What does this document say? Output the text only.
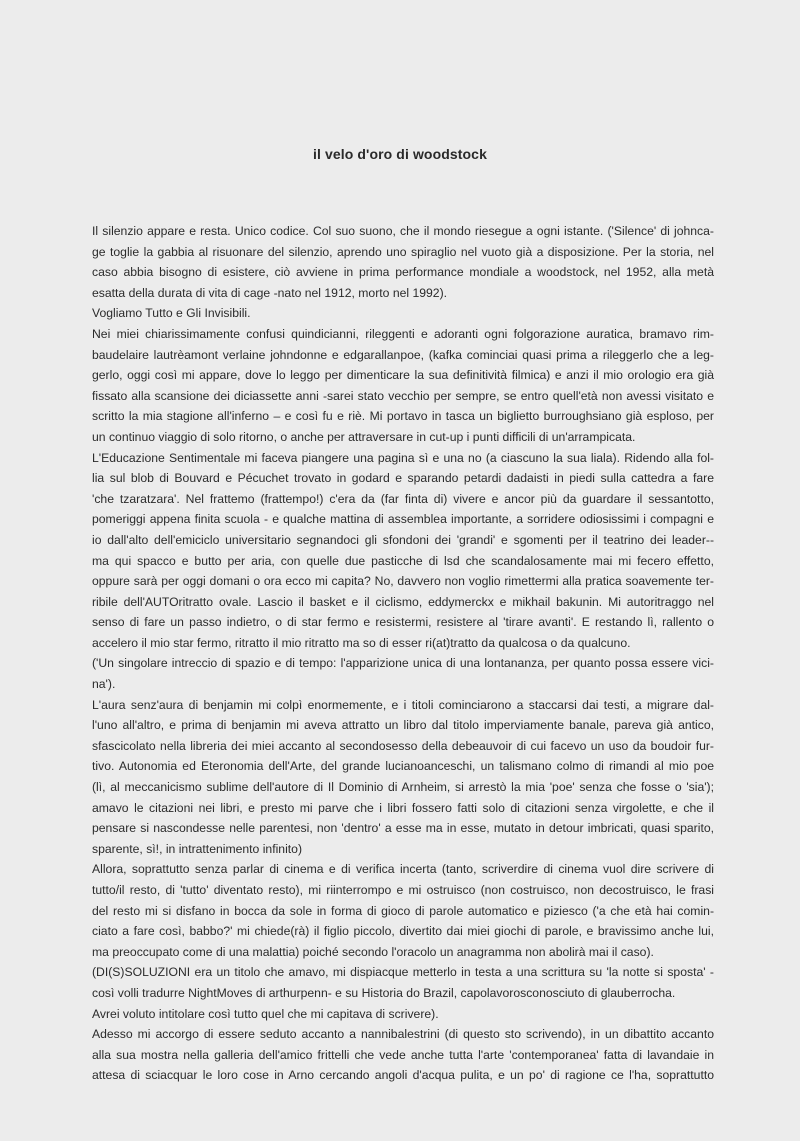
il velo d'oro di woodstock
Il silenzio appare e resta. Unico codice. Col suo suono, che il mondo riesegue a ogni istante. ('Silence' di johnca-
ge toglie la gabbia al risuonare del silenzio, aprendo uno spiraglio nel vuoto già a disposizione. Per la storia, nel
caso abbia bisogno di esistere, ciò avviene in prima performance mondiale a woodstock, nel 1952, alla metà
esatta della durata di vita di cage -nato nel 1912, morto nel 1992).
Vogliamo Tutto e Gli Invisibili.
Nei miei chiarissimamente confusi quindicianni, rileggenti e adoranti ogni folgorazione auratica, bramavo rim-
baudelaire lautrèamont verlaine johndonne e edgarallanpoe, (kafka cominciai quasi prima a rileggerlo che a leg-
gerlo, oggi così mi appare, dove lo leggo per dimenticare la sua definitività filmica) e anzi il mio orologio era già
fissato alla scansione dei diciassette anni -sarei stato vecchio per sempre, se entro quell'età non avessi visitato e
scritto la mia stagione all'inferno – e così fu e riè. Mi portavo in tasca un biglietto burroughsiano già esploso, per
un continuo viaggio di solo ritorno, o anche per attraversare in cut-up i punti difficili di un'arrampicata.
L'Educazione Sentimentale mi faceva piangere una pagina sì e una no (a ciascuno la sua liala). Ridendo alla fol-
lia sul blob di Bouvard e Pécuchet trovato in godard e sparando petardi dadaisti in piedi sulla cattedra a fare
'che tzaratzara'. Nel frattemo (frattempo!) c'era da (far finta di) vivere e ancor più da guardare il sessantotto,
pomeriggi appena finita scuola - e qualche mattina di assemblea importante, a sorridere odiosissimi i compagni e
io dall'alto dell'emiciclo universitario segnandoci gli sfondoni dei 'grandi' e sgomenti per il teatrino dei leader--
ma qui spacco e butto per aria, con quelle due pasticche di lsd che scandalosamente mai mi fecero effetto,
oppure sarà per oggi domani o ora ecco mi capita? No, davvero non voglio rimettermi alla pratica soavemente ter-
ribile dell'AUTOritratto ovale. Lascio il basket e il ciclismo, eddymerckx e mikhail bakunin. Mi autoritraggo nel
senso di fare un passo indietro, o di star fermo e resistermi, resistere al 'tirare avanti'. E restando lì, rallento o
accelero il mio star fermo, ritratto il mio ritratto ma so di esser ri(at)tratto da qualcosa o da qualcuno.
('Un singolare intreccio di spazio e di tempo: l'apparizione unica di una lontananza, per quanto possa essere vici-
na').
L'aura senz'aura di benjamin mi colpì enormemente, e i titoli cominciarono a staccarsi dai testi, a migrare dal-
l'uno all'altro, e prima di benjamin mi aveva attratto un libro dal titolo imperviamente banale, pareva già antico,
sfascicolato nella libreria dei miei accanto al secondosesso della debeauvoir di cui facevo un uso da boudoir fur-
tivo. Autonomia ed Eteronomia dell'Arte, del grande lucianoanceschi, un talismano colmo di rimandi al mio poe
(lì, al meccanicismo sublime dell'autore di Il Dominio di Arnheim, si arrestò la mia 'poe' senza che fosse o 'sia');
amavo le citazioni nei libri, e presto mi parve che i libri fossero fatti solo di citazioni senza virgolette, e che il
pensare si nascondesse nelle parentesi, non 'dentro' a esse ma in esse, mutato in detour imbricati, quasi sparito,
sparente, sì!, in intrattenimento infinito)
Allora, soprattutto senza parlar di cinema e di verifica incerta (tanto, scriverdire di cinema vuol dire scrivere di
tutto/il resto, di 'tutto' diventato resto), mi riinterrompo e mi ostruisco (non costruisco, non decostruisco, le frasi
del resto mi si disfano in bocca da sole in forma di gioco di parole automatico e piziesco ('a che età hai comin-
ciato a fare così, babbo?' mi chiede(rà) il figlio piccolo, divertito dai miei giochi di parole, e bravissimo anche lui,
ma preoccupato come di una malattia) poiché secondo l'oracolo un anagramma non abolirà mai il caso).
(DI(S)SOLUZIONI era un titolo che amavo, mi dispiacque metterlo in testa a una scrittura su 'la notte si sposta' -
così volli tradurre NightMoves di arthurpenn- e su Historia do Brazil, capolavorosconosciuto di glauberrocha.
Avrei voluto intitolare così tutto quel che mi capitava di scrivere).
Adesso mi accorgo di essere seduto accanto a nannibalestrini (di questo sto scrivendo), in un dibattito accanto
alla sua mostra nella galleria dell'amico frittelli che vede anche tutta l'arte 'contemporanea' fatta di lavandaie in
attesa di sciacquar le loro cose in Arno cercando angoli d'acqua pulita, e un po' di ragione ce l'ha, soprattutto
